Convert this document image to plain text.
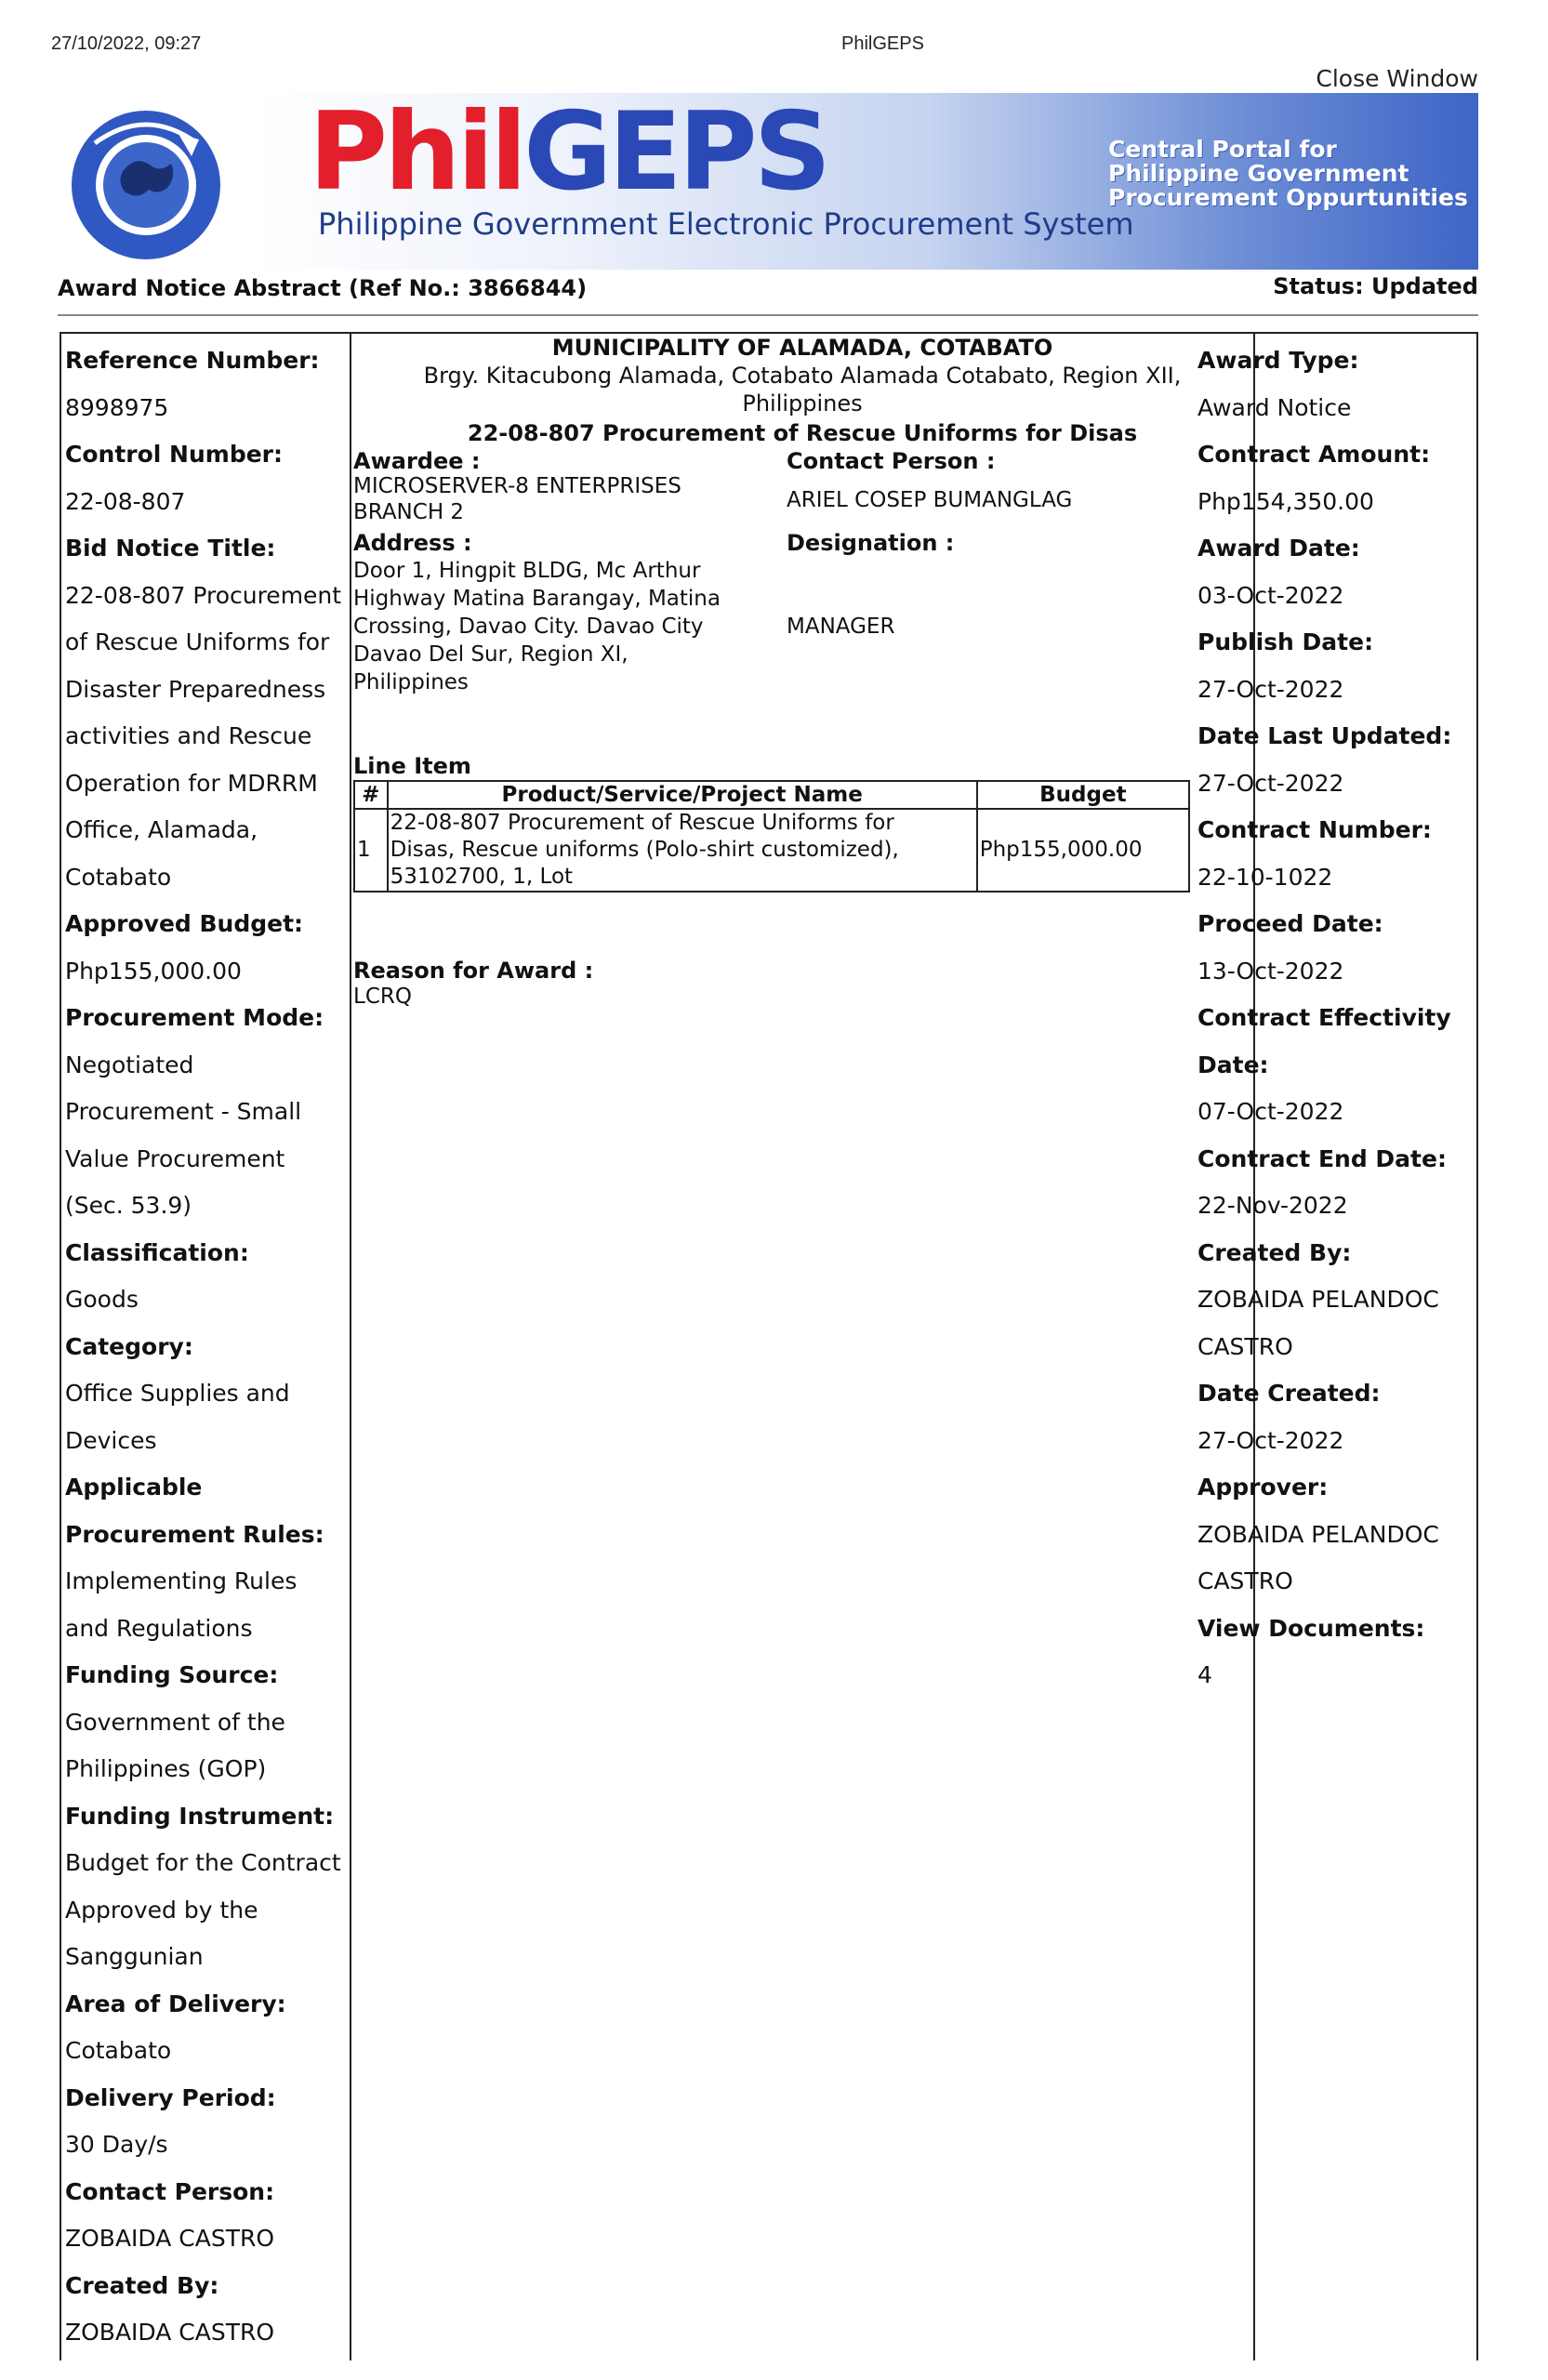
27/10/2022, 09:27	PhilGEPS
Close Window
PhilGEPS
Philippine Government Electronic Procurement System
Central Portal for
Philippine Government
Procurement Oppurtunities
Award Notice Abstract (Ref No.: 3866844)	Status: Updated
Reference Number:
8998975
Control Number:
22-08-807
Bid Notice Title:
22-08-807 Procurement
of Rescue Uniforms for
Disaster Preparedness
activities and Rescue
Operation for MDRRM
Office, Alamada,
Cotabato
Approved Budget:
Php155,000.00
Procurement Mode:
Negotiated
Procurement - Small
Value Procurement
(Sec. 53.9)
Classification:
Goods
Category:
Office Supplies and
Devices
Applicable
Procurement Rules:
Implementing Rules
and Regulations
Funding Source:
Government of the
Philippines (GOP)
Funding Instrument:
Budget for the Contract
Approved by the
Sanggunian
Area of Delivery:
Cotabato
Delivery Period:
30 Day/s
Contact Person:
ZOBAIDA CASTRO
Created By:
ZOBAIDA CASTRO
MUNICIPALITY OF ALAMADA, COTABATO
Brgy. Kitacubong Alamada, Cotabato Alamada Cotabato, Region XII,
Philippines
22-08-807 Procurement of Rescue Uniforms for Disas
Awardee :
MICROSERVER-8 ENTERPRISES
BRANCH 2
Contact Person :
ARIEL COSEP BUMANGLAG
Address :
Door 1, Hingpit BLDG, Mc Arthur
Highway Matina Barangay, Matina
Crossing, Davao City. Davao City
Davao Del Sur, Region XI,
Philippines
Designation :
MANAGER
Line Item
#	Product/Service/Project Name	Budget
1	22-08-807 Procurement of Rescue Uniforms for
Disas, Rescue uniforms (Polo-shirt customized),
53102700, 1, Lot	Php155,000.00
Reason for Award :
LCRQ
Award Type:
Award Notice
Contract Amount:
Php154,350.00
Award Date:
03-Oct-2022
Publish Date:
27-Oct-2022
Date Last Updated:
27-Oct-2022
Contract Number:
22-10-1022
Proceed Date:
13-Oct-2022
Contract Effectivity
Date:
07-Oct-2022
Contract End Date:
22-Nov-2022
Created By:
ZOBAIDA PELANDOC
CASTRO
Date Created:
27-Oct-2022
Approver:
ZOBAIDA PELANDOC
CASTRO
View Documents:
4
